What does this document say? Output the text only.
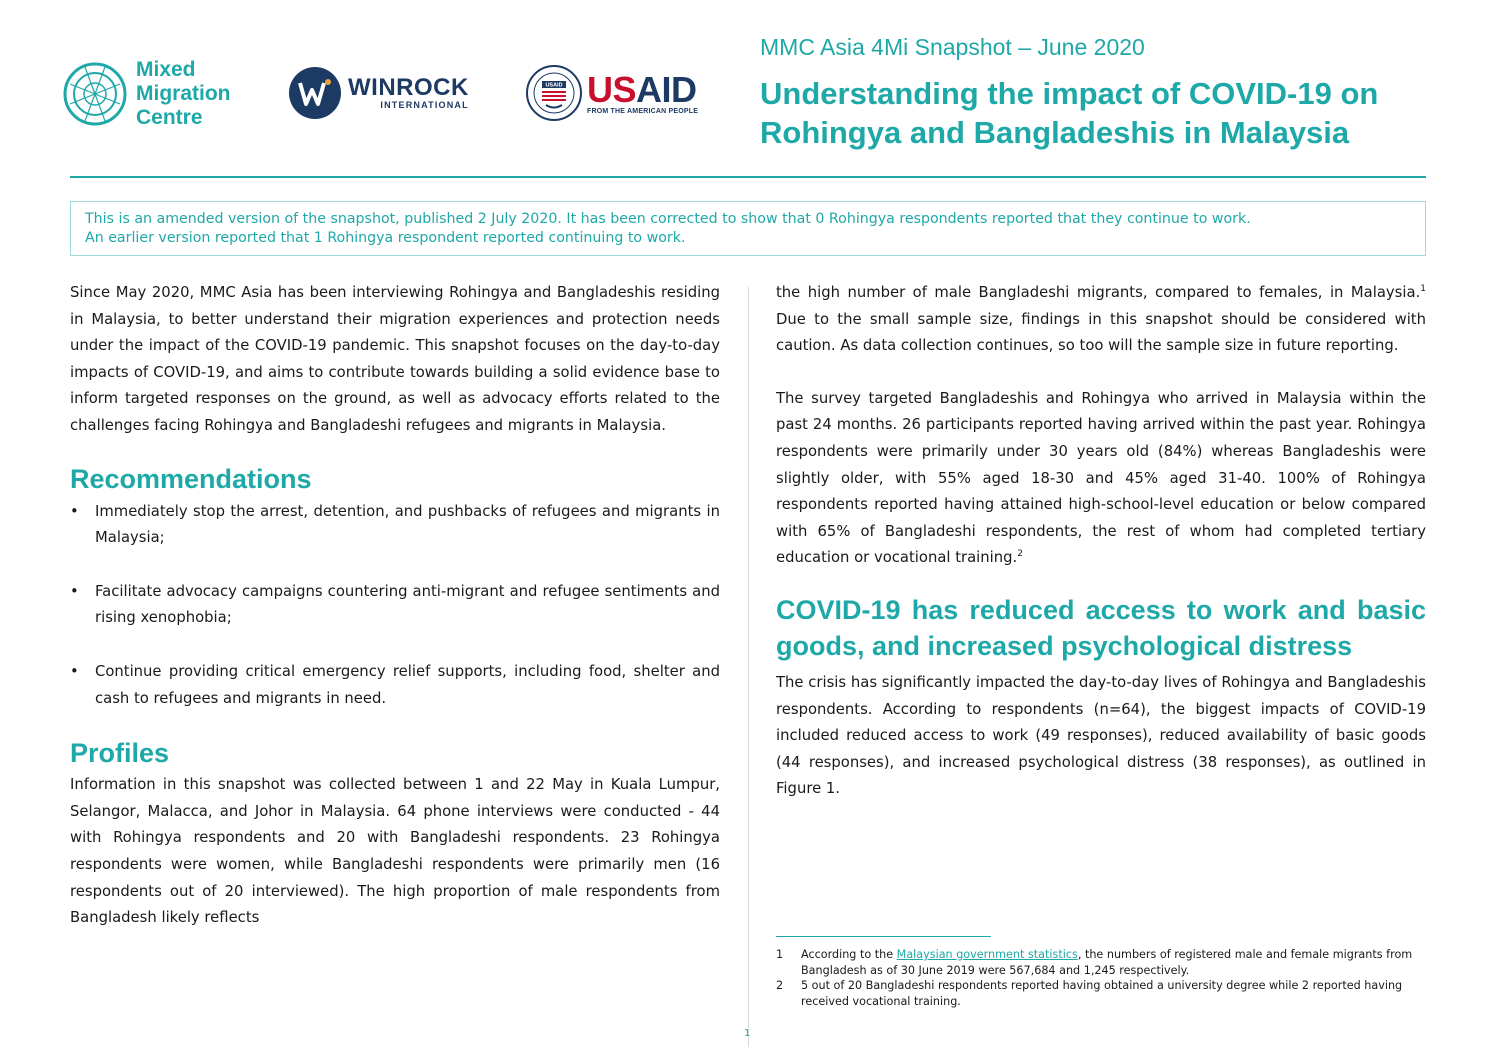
Mixed
Migration
Centre
WINROCK
INTERNATIONAL
USAID USAID
FROM THE AMERICAN PEOPLE
MMC Asia 4Mi Snapshot – June 2020
Understanding the impact of COVID-19 on Rohingya and Bangladeshis in Malaysia
This is an amended version of the snapshot, published 2 July 2020. It has been corrected to show that 0 Rohingya respondents reported that they continue to work.
An earlier version reported that 1 Rohingya respondent reported continuing to work.

Since May 2020, MMC Asia has been interviewing Rohingya and Bangladeshis residing in Malaysia, to better understand their migration experiences and protection needs under the impact of the COVID-19 pandemic. This snapshot focuses on the day-to-day impacts of COVID-19, and aims to contribute towards building a solid evidence base to inform targeted responses on the ground, as well as advocacy efforts related to the challenges facing Rohingya and Bangladeshi refugees and migrants in Malaysia.

Recommendations
• Immediately stop the arrest, detention, and pushbacks of refugees and migrants in Malaysia;
• Facilitate advocacy campaigns countering anti-migrant and refugee sentiments and rising xenophobia;
• Continue providing critical emergency relief supports, including food, shelter and cash to refugees and migrants in need.
Profiles

Information in this snapshot was collected between 1 and 22 May in Kuala Lumpur, Selangor, Malacca, and Johor in Malaysia. 64 phone interviews were conducted - 44 with Rohingya respondents and 20 with Bangladeshi respondents. 23 Rohingya respondents were women, while Bangladeshi respondents were primarily men (16 respondents out of 20 interviewed). The high proportion of male respondents from Bangladesh likely reflects

the high number of male Bangladeshi migrants, compared to females, in Malaysia.$^1$ Due to the small sample size, findings in this snapshot should be considered with caution. As data collection continues, so too will the sample size in future reporting.

The survey targeted Bangladeshis and Rohingya who arrived in Malaysia within the past 24 months. 26 participants reported having arrived within the past year. Rohingya respondents were primarily under 30 years old (84%) whereas Bangladeshis were slightly older, with 55% aged 18-30 and 45% aged 31-40. 100% of Rohingya respondents reported having attained high-school-level education or below compared with 65% of Bangladeshi respondents, the rest of whom had completed tertiary education or vocational training.$^2$

COVID-19 has reduced access to work and basic goods, and increased psychological distress

The crisis has significantly impacted the day-to-day lives of Rohingya and Bangladeshis respondents. According to respondents (n=64), the biggest impacts of COVID-19 included reduced access to work (49 responses), reduced availability of basic goods (44 responses), and increased psychological distress (38 responses), as outlined in Figure 1.

1	According to the Malaysian government statistics, the numbers of registered male and female migrants from Bangladesh as of 30 June 2019 were 567,684 and 1,245 respectively.
2	5 out of 20 Bangladeshi respondents reported having obtained a university degree while 2 reported having received vocational training.
1
